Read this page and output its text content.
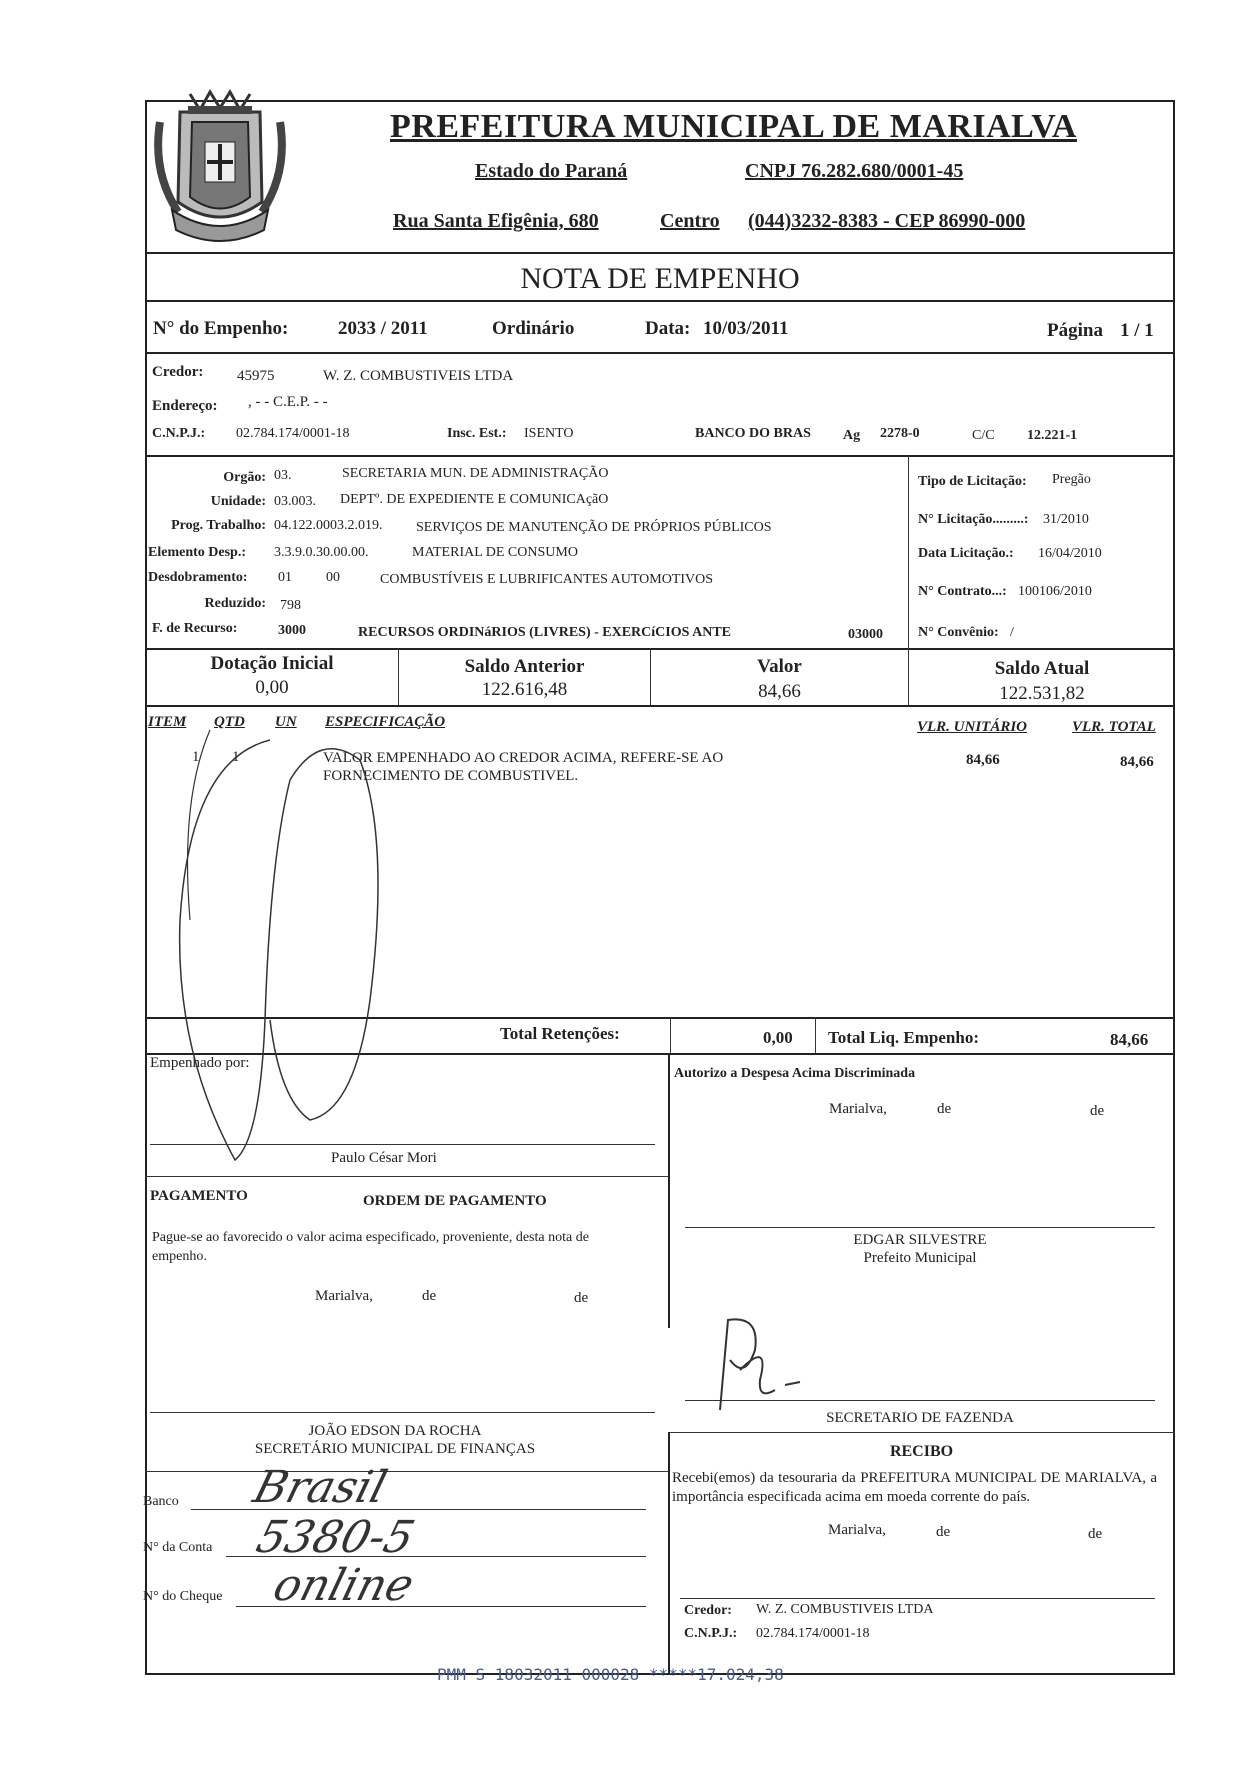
PREFEITURA MUNICIPAL DE MARIALVA
Estado do Paraná	CNPJ 76.282.680/0001-45
Rua Santa Efigênia, 680	Centro (044)3232-8383 - CEP 86990-000
NOTA DE EMPENHO
N° do Empenho:	2033 / 2011	Ordinário	Data: 10/03/2011	Página 1 / 1
Credor: 45975	W. Z. COMBUSTIVEIS LTDA
Endereço: , - - C.E.P. - -
C.N.P.J.: 02.784.174/0001-18	Insc. Est.: ISENTO	BANCO DO BRAS Ag 2278-0	C/C 12.221-1
Orgão: 03.	SECRETARIA MUN. DE ADMINISTRAÇÃO
Unidade: 03.003. DEPTº. DE EXPEDIENTE E COMUNICAçãO
Prog. Trabalho: 04.122.0003.2.019. SERVIÇOS DE MANUTENÇÃO DE PRÓPRIOS PÚBLICOS
Elemento Desp.: 3.3.9.0.30.00.00.	MATERIAL DE CONSUMO
Desdobramento: 01 00	COMBUSTÍVEIS E LUBRIFICANTES AUTOMOTIVOS
Reduzido: 798
F. de Recurso:	3000	RECURSOS ORDINáRIOS (LIVRES) - EXERCíCIOS ANTE	03000
Tipo de Licitação: Pregão
N° Licitação.........: 31/2010
Data Licitação.: 16/04/2010
N° Contrato...: 100106/2010
N° Convênio: /
Dotação Inicial
0,00
Saldo Anterior
122.616,48
Valor
84,66
Saldo Atual
122.531,82
ITEM QTD UN ESPECIFICAÇÃO	VLR. UNITÁRIO	VLR. TOTAL
1 1	VALOR EMPENHADO AO CREDOR ACIMA, REFERE-SE AO
FORNECIMENTO DE COMBUSTIVEL.
84,66	84,66
Total Retenções:	0,00 Total Liq. Empenho:	84,66
Empenhado por:
Paulo César Mori
Autorizo a Despesa Acima Discriminada
Marialva,	de	de
PAGAMENTO	ORDEM DE PAGAMENTO
Pague-se ao favorecido o valor acima especificado, proveniente, desta nota de empenho.
Marialva,	de	de
EDGAR SILVESTRE
Prefeito Municipal
JOÃO EDSON DA ROCHA
SECRETÁRIO MUNICIPAL DE FINANÇAS
SECRETARIO DE FAZENDA
RECIBO
Recebi(emos) da tesouraria da PREFEITURA MUNICIPAL DE MARIALVA, a importância especificada acima em moeda corrente do país.
Marialva,	de	de
Banco Brasil
N° da Conta 5380-5
N° do Cheque online	Credor: W. Z. COMBUSTIVEIS LTDA
C.N.P.J.: 02.784.174/0001-18
PMM S 18032011 000028 *****17.024,38
